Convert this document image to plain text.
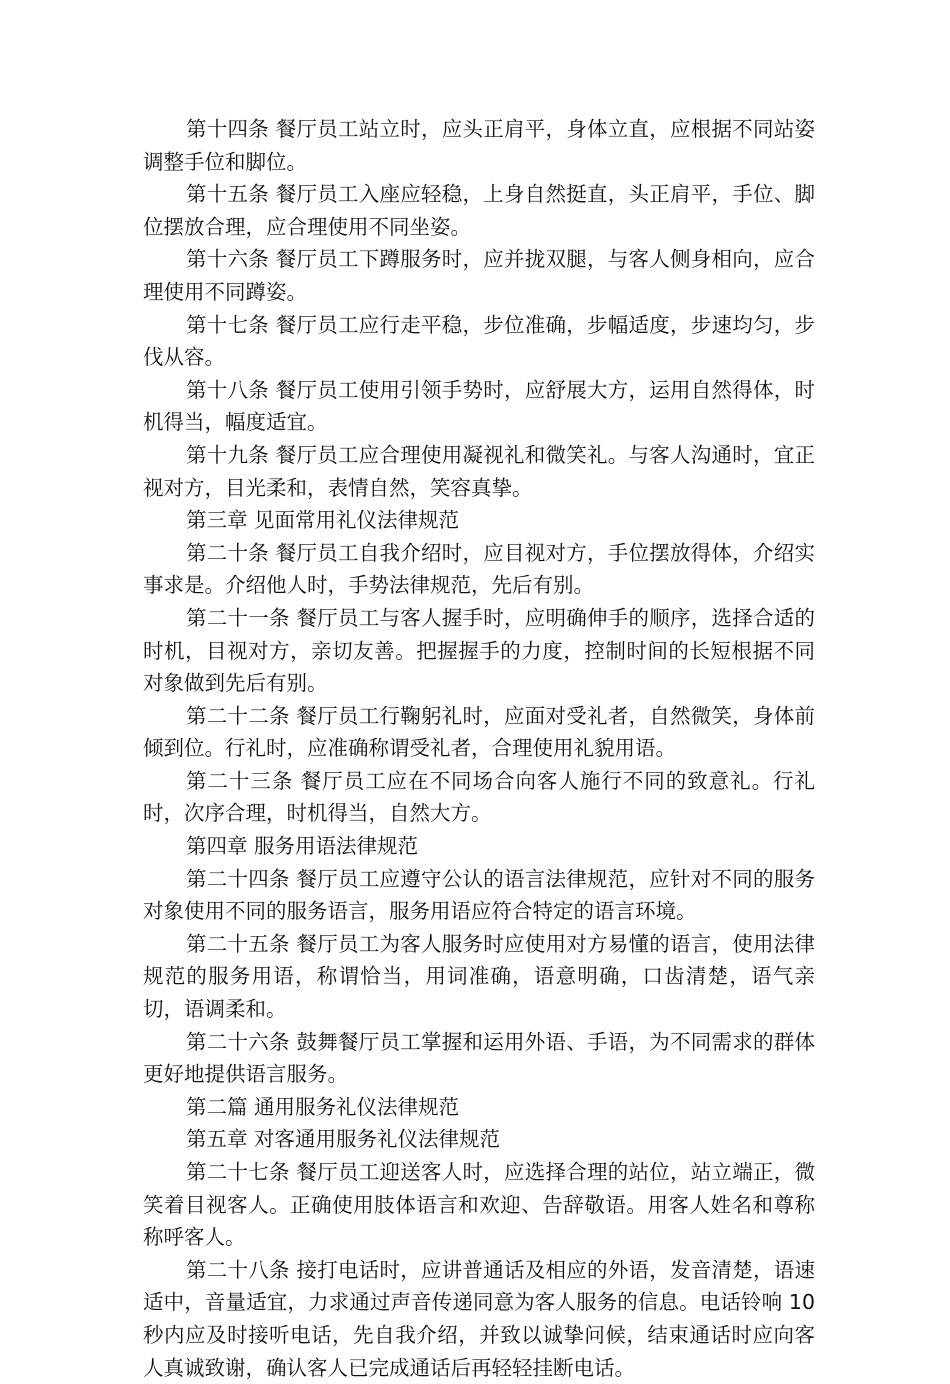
第十四条 餐厅员工站立时，应头正肩平，身体立直，应根据不同站姿调整手位和脚位。

第十五条 餐厅员工入座应轻稳，上身自然挺直，头正肩平，手位、脚位摆放合理，应合理使用不同坐姿。

第十六条 餐厅员工下蹲服务时，应并拢双腿，与客人侧身相向，应合理使用不同蹲姿。

第十七条 餐厅员工应行走平稳，步位准确，步幅适度，步速均匀，步伐从容。

第十八条 餐厅员工使用引领手势时，应舒展大方，运用自然得体，时机得当，幅度适宜。

第十九条 餐厅员工应合理使用凝视礼和微笑礼。与客人沟通时，宜正视对方，目光柔和，表情自然，笑容真挚。

第三章 见面常用礼仪法律规范

第二十条 餐厅员工自我介绍时，应目视对方，手位摆放得体，介绍实事求是。介绍他人时，手势法律规范，先后有别。

第二十一条 餐厅员工与客人握手时，应明确伸手的顺序，选择合适的时机，目视对方，亲切友善。把握握手的力度，控制时间的长短根据不同对象做到先后有别。

第二十二条 餐厅员工行鞠躬礼时，应面对受礼者，自然微笑，身体前倾到位。行礼时，应准确称谓受礼者，合理使用礼貌用语。

第二十三条 餐厅员工应在不同场合向客人施行不同的致意礼。行礼时，次序合理，时机得当，自然大方。

第四章 服务用语法律规范

第二十四条 餐厅员工应遵守公认的语言法律规范，应针对不同的服务对象使用不同的服务语言，服务用语应符合特定的语言环境。

第二十五条 餐厅员工为客人服务时应使用对方易懂的语言，使用法律规范的服务用语，称谓恰当，用词准确，语意明确，口齿清楚，语气亲切，语调柔和。

第二十六条 鼓舞餐厅员工掌握和运用外语、手语，为不同需求的群体更好地提供语言服务。

第二篇 通用服务礼仪法律规范

第五章 对客通用服务礼仪法律规范

第二十七条 餐厅员工迎送客人时，应选择合理的站位，站立端正，微笑着目视客人。正确使用肢体语言和欢迎、告辞敬语。用客人姓名和尊称称呼客人。

第二十八条 接打电话时，应讲普通话及相应的外语，发音清楚，语速适中，音量适宜，力求通过声音传递同意为客人服务的信息。电话铃响 10 秒内应及时接听电话，先自我介绍，并致以诚挚问候，结束通话时应向客人真诚致谢，确认客人已完成通话后再轻轻挂断电话。
